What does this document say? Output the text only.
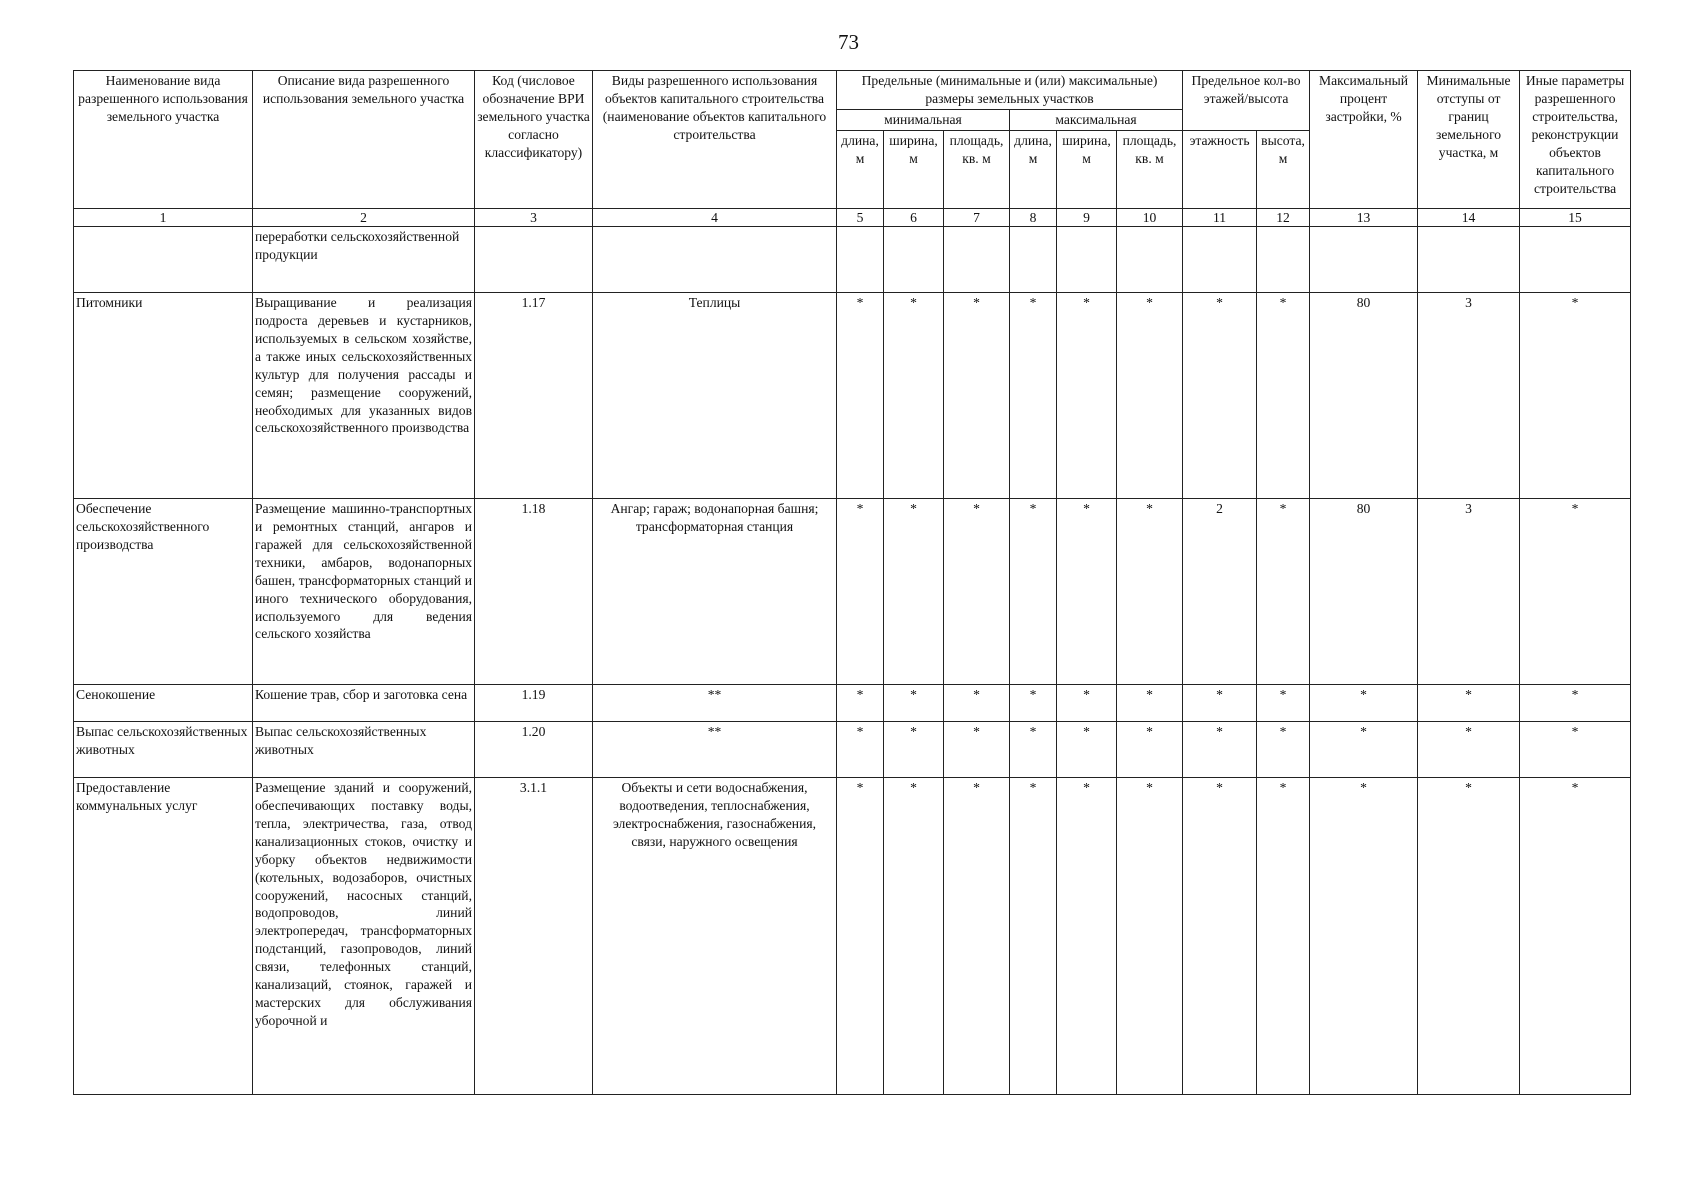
73
Наименование вида разрешенного использования земельного участка	Описание вида разрешенного использования земельного участка	Код (числовое обозначение ВРИ земельного участка согласно классификатору)	Виды разрешенного использования объектов капитального строительства (наименование объектов капитального строительства	Предельные (минимальные и (или) максимальные) размеры земельных участков						Предельное кол-во этажей/высота		Максимальный процент застройки, %	Минимальные отступы от границ земельного участка, м	Иные параметры разрешенного строительства, реконструкции объектов капитального строительства
				минимальная			максимальная							
				длина, м	ширина, м	площадь, кв. м	длина, м	ширина, м	площадь, кв. м	этажность	высота, м			
1	2	3	4	5	6	7	8	9	10	11	12	13	14	15
	переработки сельскохозяйственной продукции													
Питомники	Выращивание и реализация подроста деревьев и кустарников, используемых в сельском хозяйстве, а также иных сельскохозяйственных культур для получения рассады и семян; размещение сооружений, необходимых для указанных видов сельскохозяйственного производства	1.17	Теплицы	*	*	*	*	*	*	*	*	80	3	*
Обеспечение сельскохозяйственного производства	Размещение машинно-транспортных и ремонтных станций, ангаров и гаражей для сельскохозяйственной техники, амбаров, водонапорных башен, трансформаторных станций и иного технического оборудования, используемого для ведения сельского хозяйства	1.18	Ангар; гараж; водонапорная башня; трансформаторная станция	*	*	*	*	*	*	2	*	80	3	*
Сенокошение	Кошение трав, сбор и заготовка сена	1.19	**	*	*	*	*	*	*	*	*	*	*	*
Выпас сельскохозяйственных животных	Выпас сельскохозяйственных животных	1.20	**	*	*	*	*	*	*	*	*	*	*	*
Предоставление коммунальных услуг	Размещение зданий и сооружений, обеспечивающих поставку воды, тепла, электричества, газа, отвод канализационных стоков, очистку и уборку объектов недвижимости (котельных, водозаборов, очистных сооружений, насосных станций, водопроводов, линий электропередач, трансформаторных подстанций, газопроводов, линий связи, телефонных станций, канализаций, стоянок, гаражей и мастерских для обслуживания уборочной и	3.1.1	Объекты и сети водоснабжения, водоотведения, теплоснабжения, электроснабжения, газоснабжения, связи, наружного освещения	*	*	*	*	*	*	*	*	*	*	*
